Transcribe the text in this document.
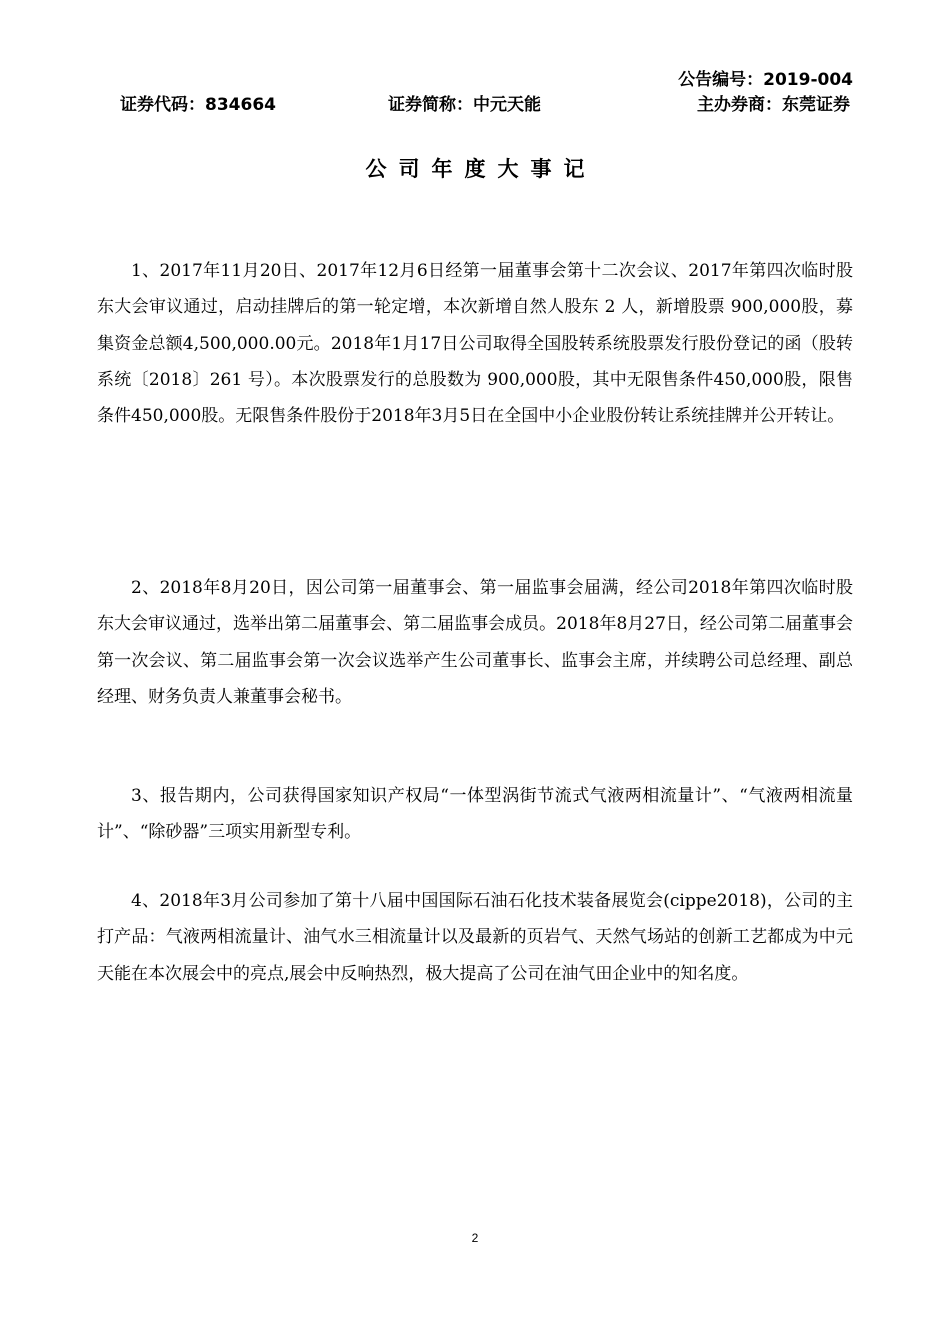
公告编号：2019-004
证券代码：834664	证券简称：中元天能	主办券商：东莞证券
公司年度大事记

1、2017年11月20日、2017年12月6日经第一届董事会第十二次会议、2017年第四次临时股东大会审议通过，启动挂牌后的第一轮定增，本次新增自然人股东 2 人，新增股票 900,000股，募集资金总额4,500,000.00元。2018年1月17日公司取得全国股转系统股票发行股份登记的函（股转系统〔2018〕261 号）。本次股票发行的总股数为 900,000股，其中无限售条件450,000股，限售条件450,000股。无限售条件股份于2018年3月5日在全国中小企业股份转让系统挂牌并公开转让。

2、2018年8月20日，因公司第一届董事会、第一届监事会届满，经公司2018年第四次临时股东大会审议通过，选举出第二届董事会、第二届监事会成员。2018年8月27日，经公司第二届董事会第一次会议、第二届监事会第一次会议选举产生公司董事长、监事会主席，并续聘公司总经理、副总经理、财务负责人兼董事会秘书。

3、报告期内，公司获得国家知识产权局“一体型涡街节流式气液两相流量计”、“气液两相流量计”、“除砂器”三项实用新型专利。

4、2018年3月公司参加了第十八届中国国际石油石化技术装备展览会(cippe2018)，公司的主打产品：气液两相流量计、油气水三相流量计以及最新的页岩气、天然气场站的创新工艺都成为中元天能在本次展会中的亮点,展会中反响热烈，极大提高了公司在油气田企业中的知名度。

2
